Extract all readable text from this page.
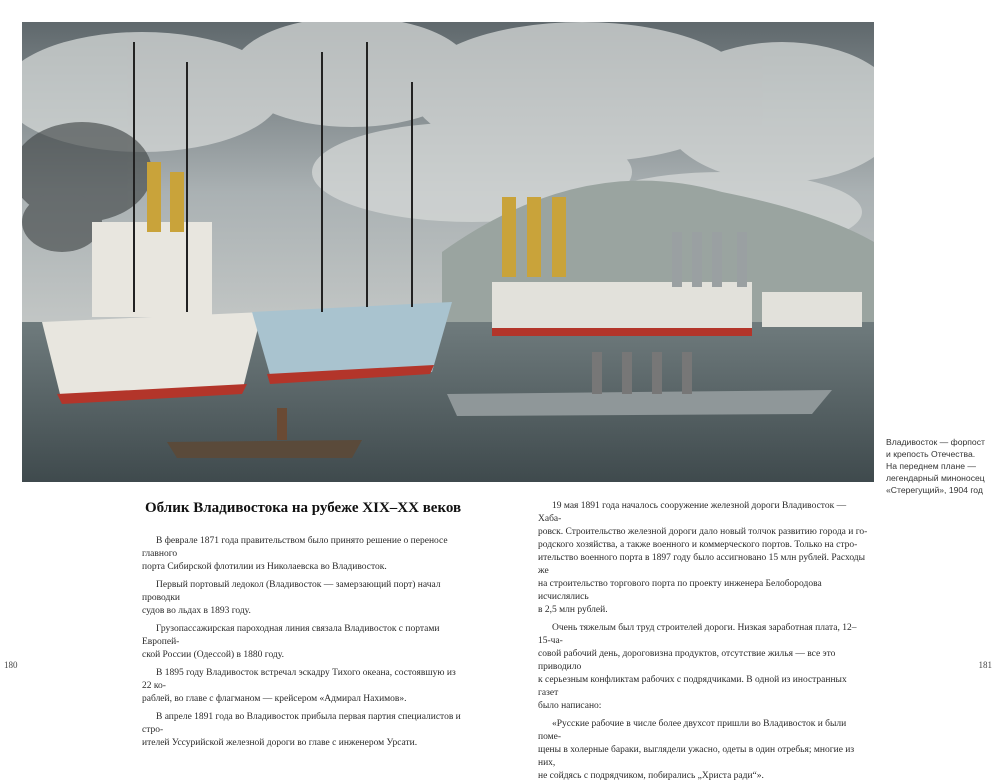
Владивосток — форпост

и крепость Отечества.

На переднем плане —

легендарный миноносец

«Стерегущий», 1904 год

Облик Владивостока на рубеже XIX–XX веков

В феврале 1871 года правительством было принято решение о переносе главного

порта Сибирской флотилии из Николаевска во Владивосток.

Первый портовый ледокол (Владивосток — замерзающий порт) начал проводки

судов во льдах в 1893 году.

Грузопассажирская пароходная линия связала Владивосток с портами Европей-

ской России (Одессой) в 1880 году.

В 1895 году Владивосток встречал эскадру Тихого океана, состоявшую из 22 ко-

раблей, во главе с флагманом — крейсером «Адмирал Нахимов».

В апреле 1891 года во Владивосток прибыла первая партия специалистов и стро-

ителей Уссурийской железной дороги во главе с инженером Урсати.

19 мая 1891 года началось сооружение железной дороги Владивосток — Хаба-

ровск. Строительство железной дороги дало новый толчок развитию города и го-

родского хозяйства, а также военного и коммерческого портов. Только на стро-

ительство военного порта в 1897 году было ассигновано 15 млн рублей. Расходы же

на строительство торгового порта по проекту инженера Белобородова исчислялись

в 2,5 млн рублей.

Очень тяжелым был труд строителей дороги. Низкая заработная плата, 12–15-ча-

совой рабочий день, дороговизна продуктов, отсутствие жилья — все это приводило

к серьезным конфликтам рабочих с подрядчиками. В одной из иностранных газет

было написано:

«Русские рабочие в числе более двухсот пришли во Владивосток и были поме-

щены в холерные бараки, выглядели ужасно, одеты в один отребья; многие из них,

не сойдясь с подрядчиком, побирались „Христа ради“».

180	181
